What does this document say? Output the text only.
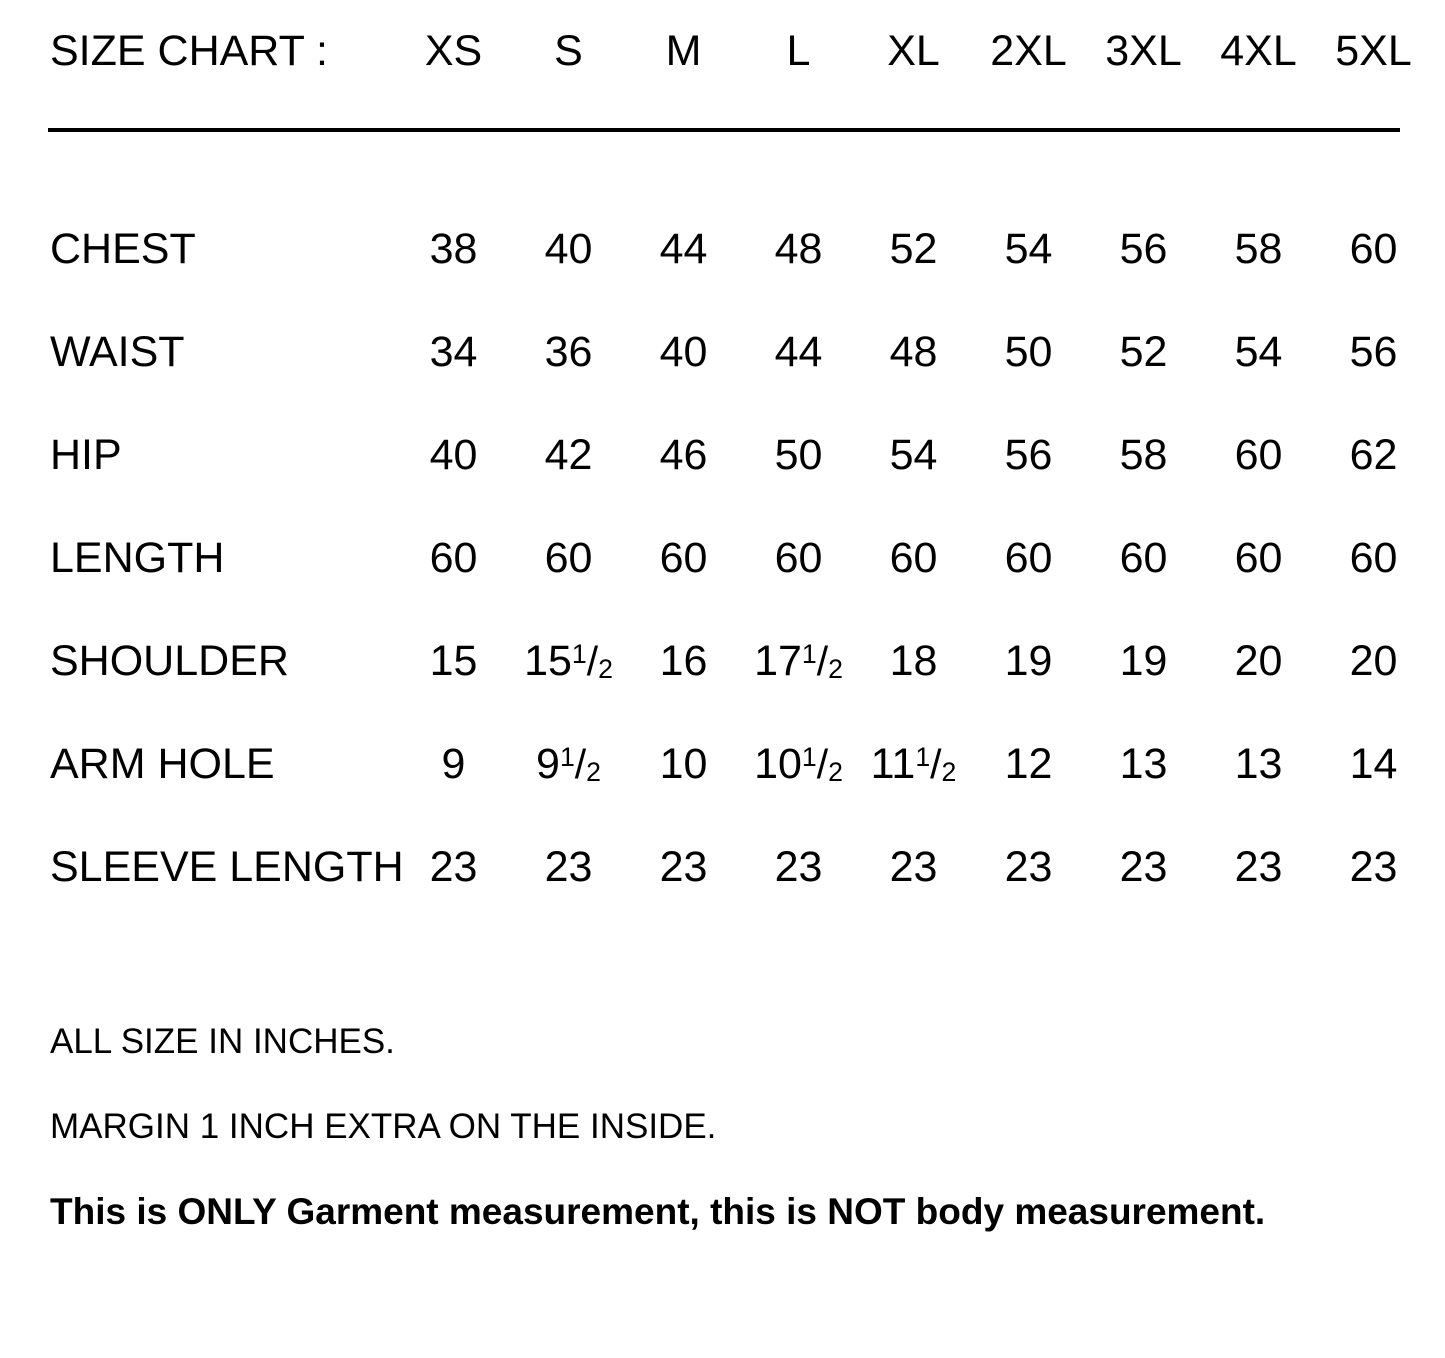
SIZE CHART :	XS	S	M	L	XL	2XL	3XL	4XL	5XL

CHEST	38	40	44	48	52	54	56	58	60
WAIST	34	36	40	44	48	50	52	54	56
HIP	40	42	46	50	54	56	58	60	62
LENGTH	60	60	60	60	60	60	60	60	60
SHOULDER	15	$15^1/_2$	16	$17^1/_2$	18	19	19	20	20
ARM HOLE	9	$9^1/_2$	10	$10^1/_2$	$11^1/_2$	12	13	13	14
SLEEVE LENGTH	23	23	23	23	23	23	23	23	23

ALL SIZE IN INCHES.

MARGIN 1 INCH EXTRA ON THE INSIDE.

This is ONLY Garment measurement, this is NOT body measurement.
